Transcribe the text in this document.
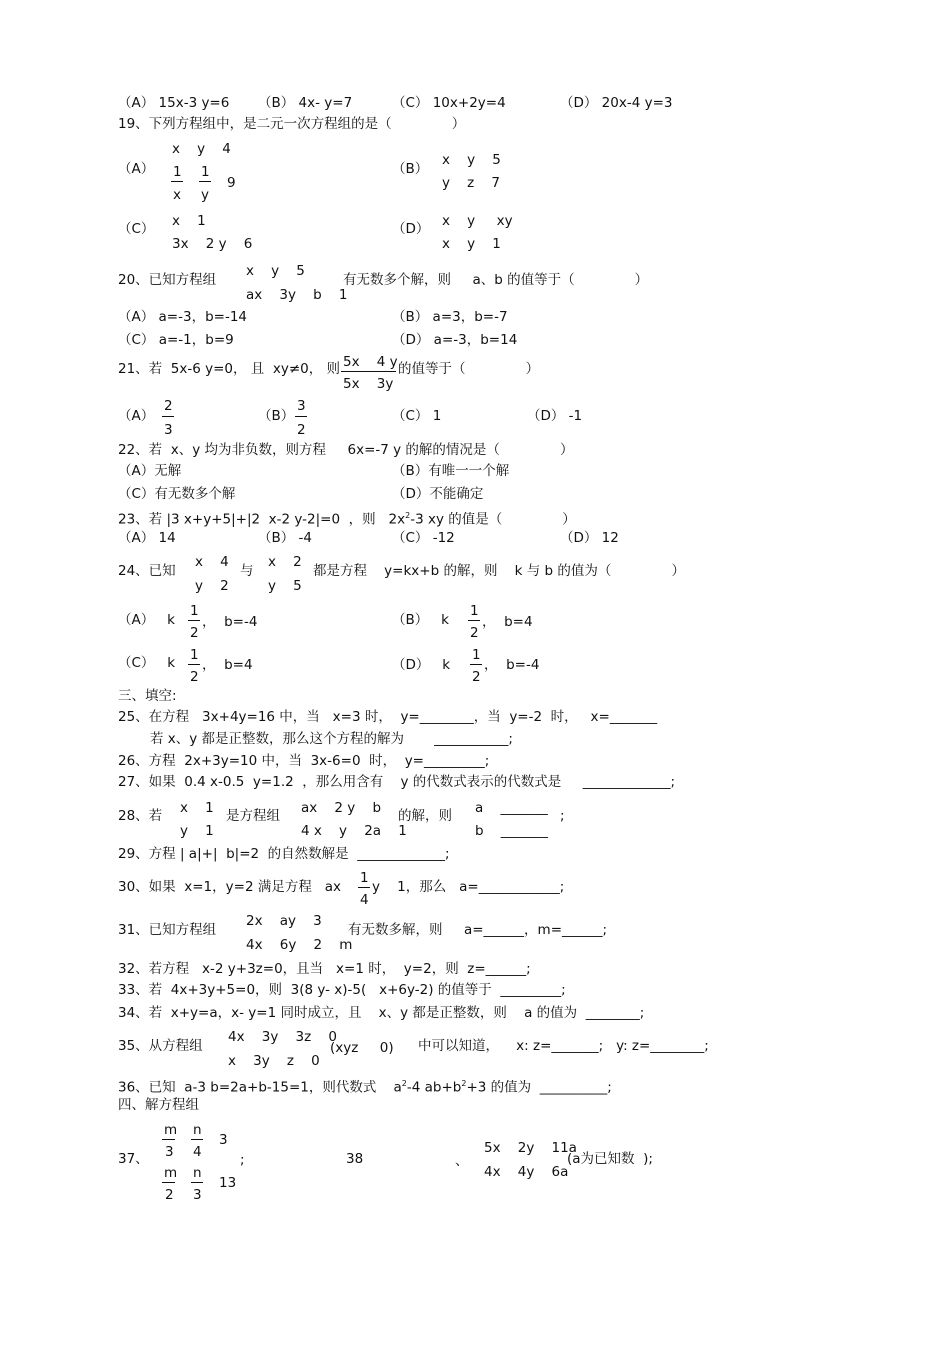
（A） 15x-3 y=6 （B） 4x- y=7	（C） 10x+2y=4	（D） 20x-4 y=3
19、下列方程组中，是二元一次方程组的是（              ）
（A）
x    y    4
1
x
1
y
9
（B）
x    y    5
y    z    7
（C） x    1
3x    2 y    6
（D） x    y     xy
x    y    1
20、已知方程组
x    y    5
ax    3y    b    1
有无数多个解，则     a、b 的值等于（              ）
（A） a=-3，b=-14	（B） a=3，b=-7
（C） a=-1，b=9	（D） a=-3，b=14
21、若  5x-6 y=0， 且  xy≠0， 则 5x    4 y
5x    3y
的值等于（              ）
（A）
2
3
（B）
3
2
（C） 1	（D） -1
22、若  x、y 均为非负数，则方程     6x=-7 y 的解的情况是（              ）
（A）无解	（B）有唯一一个解
（C）有无数多个解	（D）不能确定
23、若 |3 x+y+5|+|2  x-2 y-2|=0  ，则   $2x^2-3$ xy 的值是（              ）
（A） 14	（B） -4	（C） -12	（D） 12
24、已知
x    4
y    2
与
x    2
y    5
都是方程    y=kx+b 的解，则    k 与 b 的值为（              ）
（A）   k
1
2
，  b=-4	（B）   k
1
2
，  b=4
（C）   k 1
2
，  b=4	（D）   k
1
2
，  b=-4
三、填空:
25、在方程   3x+4y=16 中，当   x=3 时，  y=________，当  y=-2  时，   x=_______
若 x、y 都是正整数，那么这个方程的解为       ___________;
26、方程  2x+3y=10 中，当  3x-6=0  时，  y=_________;
27、如果  0.4 x-0.5  y=1.2  ，那么用含有    y 的代数式表示的代数式是     _____________;
28、若 x    1
y    1
是方程组 ax    2 y    b
4 x    y    2a    1
的解，则 a    _______
b    _______
;
29、方程 | a|+|  b|=2  的自然数解是  _____________;
30、如果  x=1，y=2 满足方程   ax
1
4
y    1，那么   a=____________;
31、已知方程组
2x    ay    3
4x    6y    2    m
有无数多解，则     a=______，m=______;
32、若方程   x-2 y+3z=0，且当   x=1 时，  y=2，则  z=______;
33、若  4x+3y+5=0，则  3(8 y- x)-5(   x+6y-2) 的值等于  _________;
34、若  x+y=a，x- y=1 同时成立，且    x、y 都是正整数，则    a 的值为  ________;
35、从方程组
4x    3y    3z    0
x    3y    z    0
(xyz     0) 中可以知道，    x: z=_______;   y: z=________;
36、已知  a-3 b=2a+b-15=1，则代数式    $a^2-4$ $ab+b^2+3$ 的值为  __________;
四、解方程组
37、
m
3
n
4
3
m
2
n
3
13
;	38	、
5x    2y    11a
4x    4y    6a
(a为已知数  );
